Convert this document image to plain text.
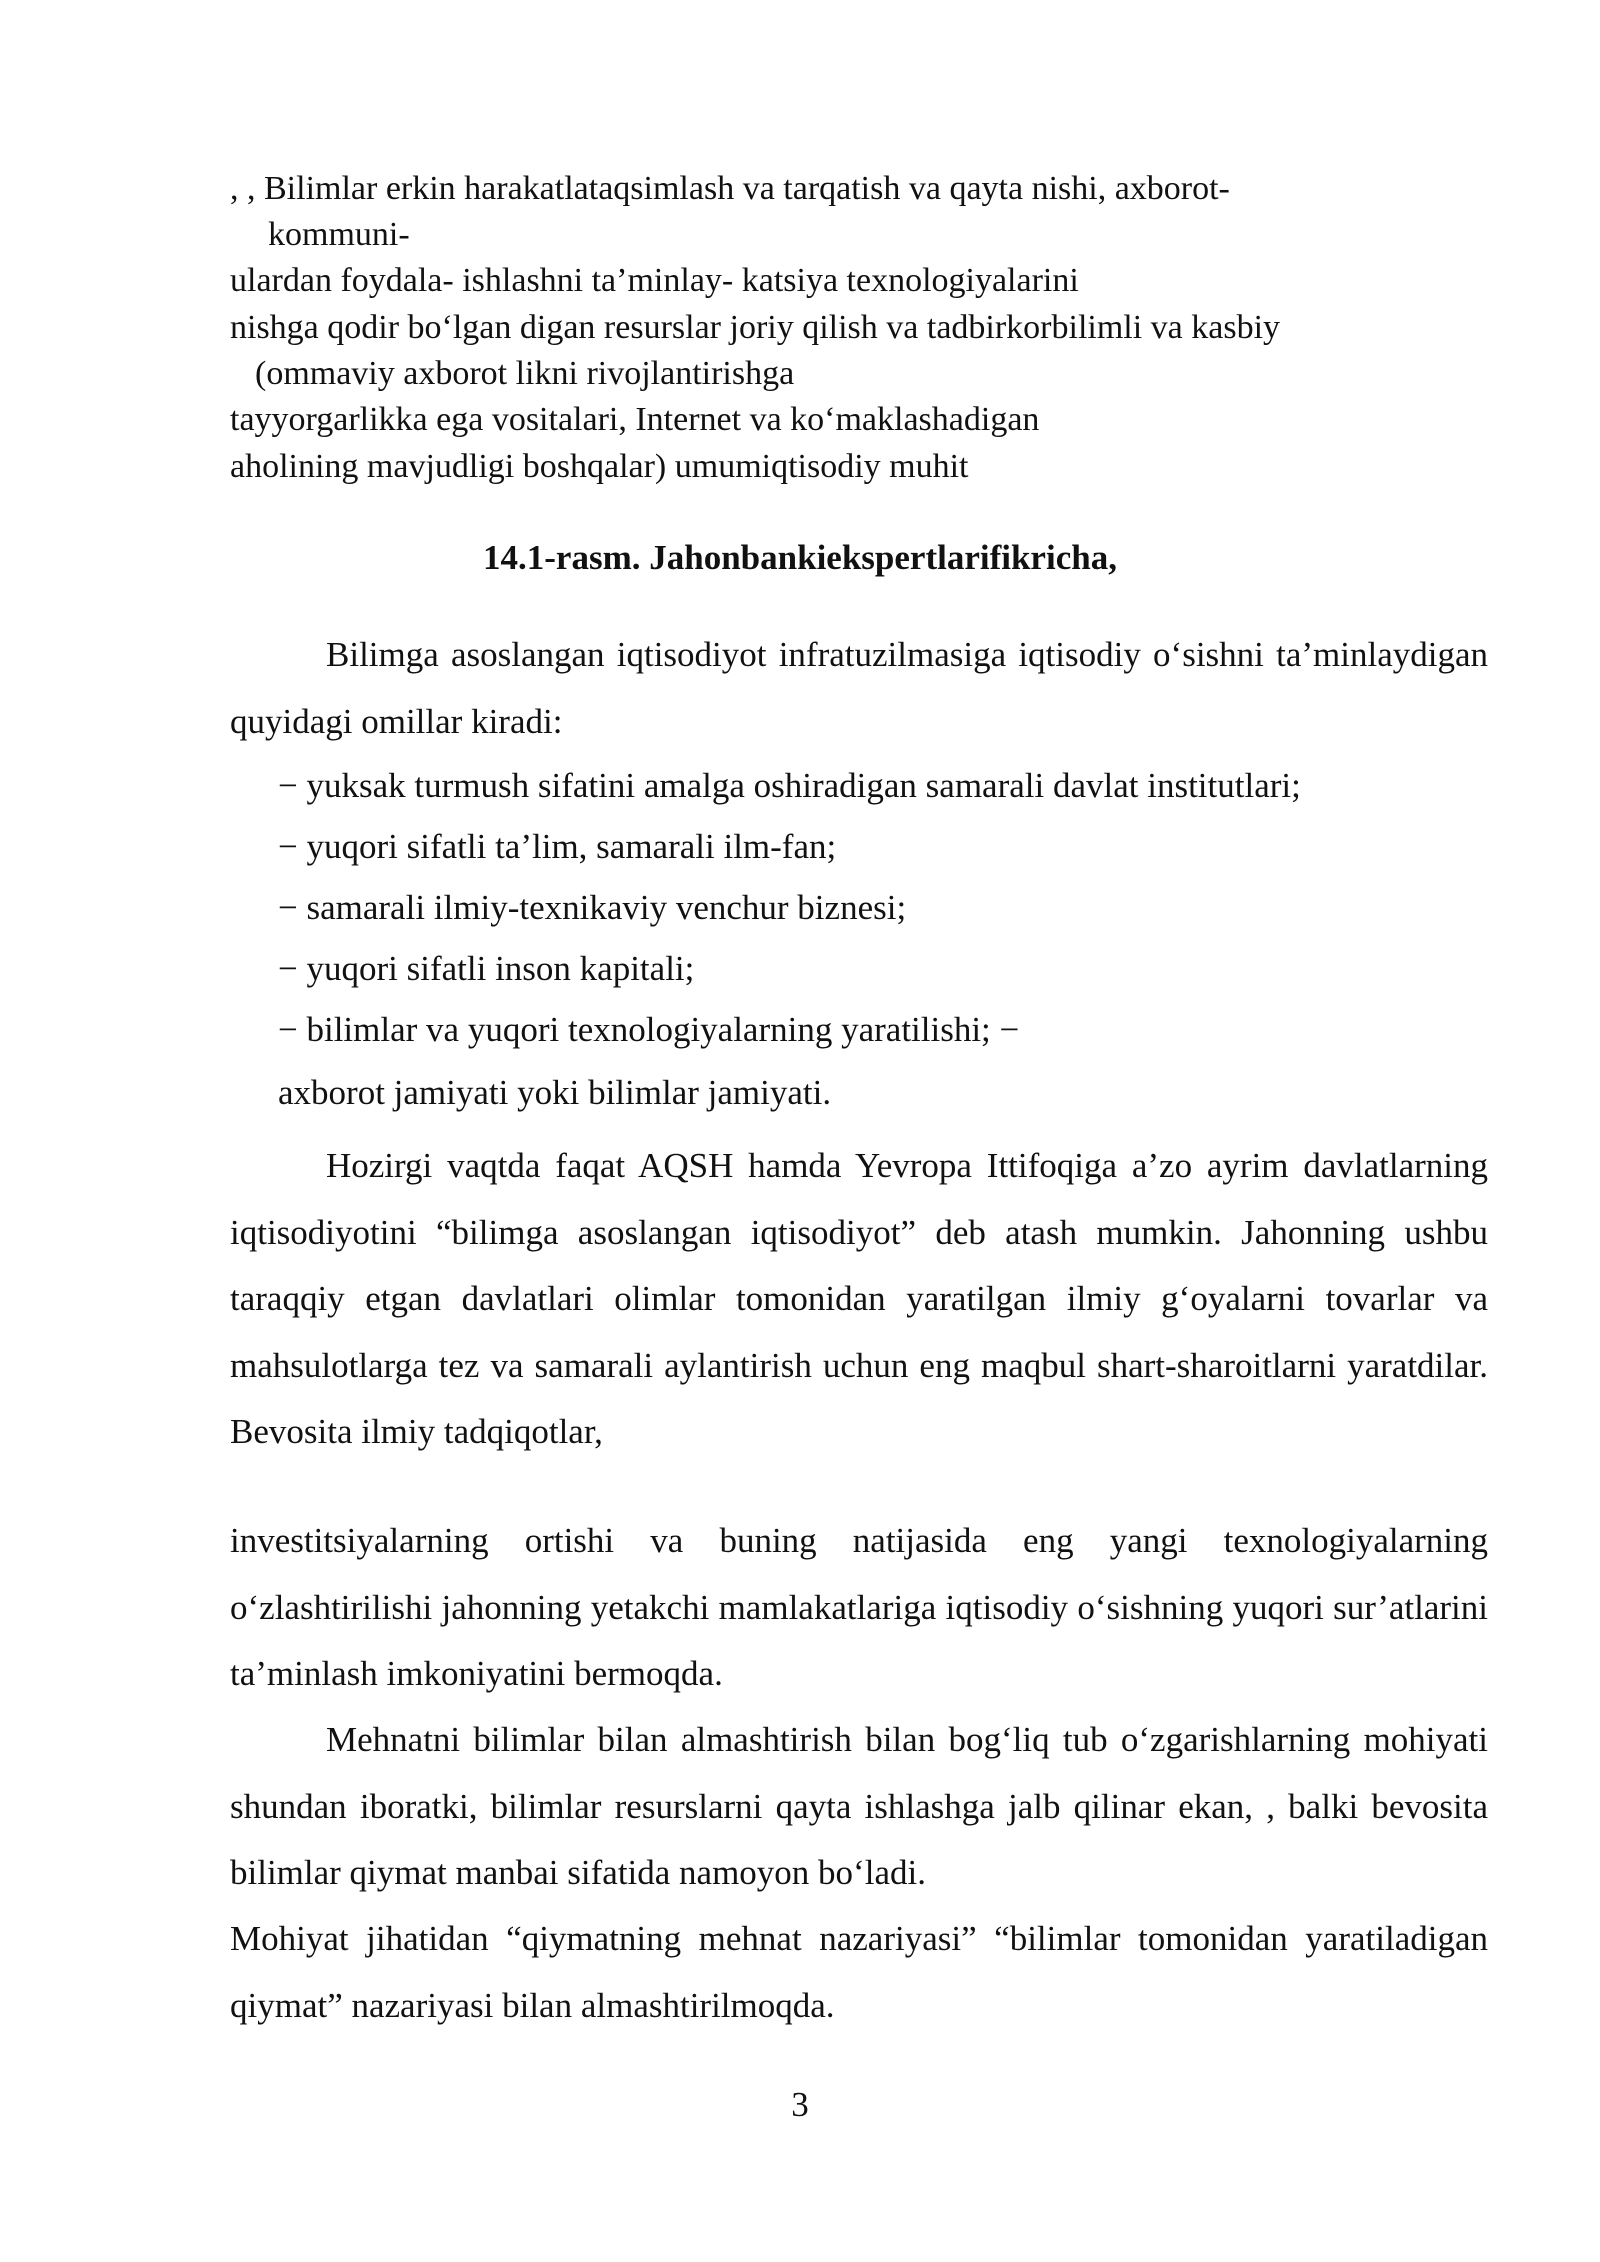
, , Bilimlar erkin harakatlataqsimlash va tarqatish va qayta nishi, axborot-
kommuni-
ulardan foydala- ishlashni ta’minlay- katsiya texnologiyalarini
nishga qodir bo‘lgan digan resurslar joriy qilish va tadbirkorbilimli va kasbiy
(ommaviy axborot likni rivojlantirishga
tayyorgarlikka ega vositalari, Internet va ko‘maklashadigan
aholining mavjudligi boshqalar) umumiqtisodiy muhit
14.1-rasm. Jahonbankiekspertlarifikricha,

Bilimga asoslangan iqtisodiyot infratuzilmasiga iqtisodiy o‘sishni ta’minlaydigan quyidagi omillar kiradi:

− yuksak turmush sifatini amalga oshiradigan samarali davlat institutlari;
− yuqori sifatli ta’lim, samarali ilm-fan;
− samarali ilmiy-texnikaviy venchur biznesi;
− yuqori sifatli inson kapitali;
− bilimlar va yuqori texnologiyalarning yaratilishi; −
axborot jamiyati yoki bilimlar jamiyati.

Hozirgi vaqtda faqat AQSH hamda Yevropa Ittifoqiga a’zo ayrim davlatlarning iqtisodiyotini “bilimga asoslangan iqtisodiyot” deb atash mumkin. Jahonning ushbu taraqqiy etgan davlatlari olimlar tomonidan yaratilgan ilmiy g‘oyalarni tovarlar va mahsulotlarga tez va samarali aylantirish uchun eng maqbul shart-sharoitlarni yaratdilar. Bevosita ilmiy tadqiqotlar,

investitsiyalarning ortishi va buning natijasida eng yangi texnologiyalarning o‘zlashtirilishi jahonning yetakchi mamlakatlariga iqtisodiy o‘sishning yuqori sur’atlarini ta’minlash imkoniyatini bermoqda.

Mehnatni bilimlar bilan almashtirish bilan bog‘liq tub o‘zgarishlarning mohiyati shundan iboratki, bilimlar resurslarni qayta ishlashga jalb qilinar ekan, , balki bevosita bilimlar qiymat manbai sifatida namoyon bo‘ladi.

Mohiyat jihatidan “qiymatning mehnat nazariyasi” “bilimlar tomonidan yaratiladigan qiymat” nazariyasi bilan almashtirilmoqda.

3
